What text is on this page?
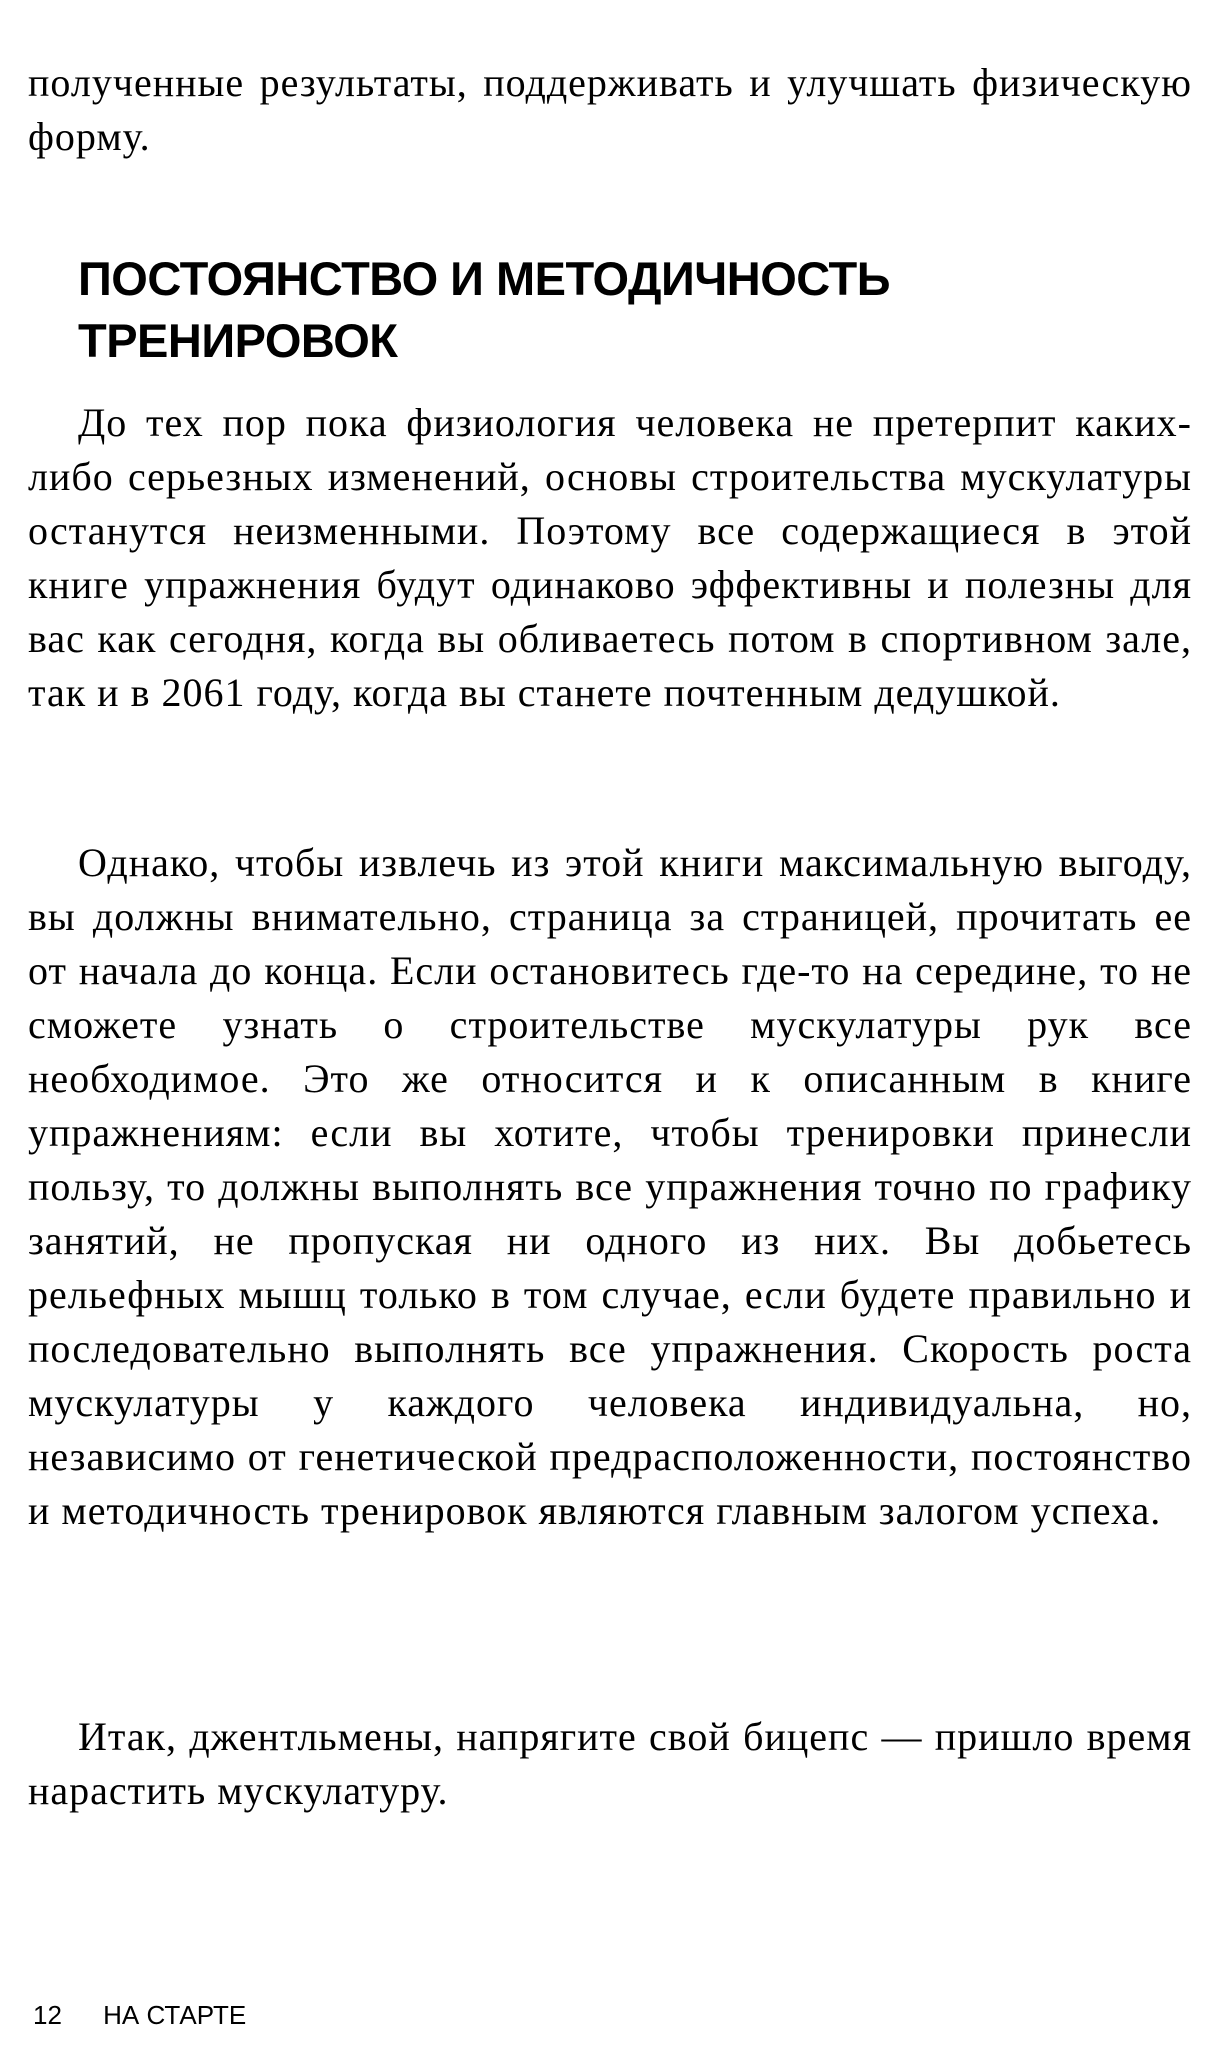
полученные результаты, поддерживать и улучшать физическую форму.

ПОСТОЯНСТВО И МЕТОДИЧНОСТЬ ТРЕНИРОВОК

До тех пор пока физиология человека не претерпит каких-либо серьезных изменений, основы строительства мускулатуры останутся неизменными. Поэтому все содержащиеся в этой книге упражнения будут одинаково эффективны и полезны для вас как сегодня, когда вы обливаетесь потом в спортивном зале, так и в 2061 году, когда вы станете почтенным дедушкой.

Однако, чтобы извлечь из этой книги максимальную выгоду, вы должны внимательно, страница за страницей, прочитать ее от начала до конца. Если остановитесь где-то на середине, то не сможете узнать о строительстве мускулатуры рук все необходимое. Это же относится и к описанным в книге упражнениям: если вы хотите, чтобы тренировки принесли пользу, то должны выполнять все упражнения точно по графику занятий, не пропуская ни одного из них. Вы добьетесь рельефных мышц только в том случае, если будете правильно и последовательно выполнять все упражнения. Скорость роста мускулатуры у каждого человека индивидуальна, но, независимо от генетической предрасположенности, постоянство и методичность тренировок являются главным залогом успеха.

Итак, джентльмены, напрягите свой бицепс — пришло время нарастить мускулатуру.

12 НА СТАРТЕ
